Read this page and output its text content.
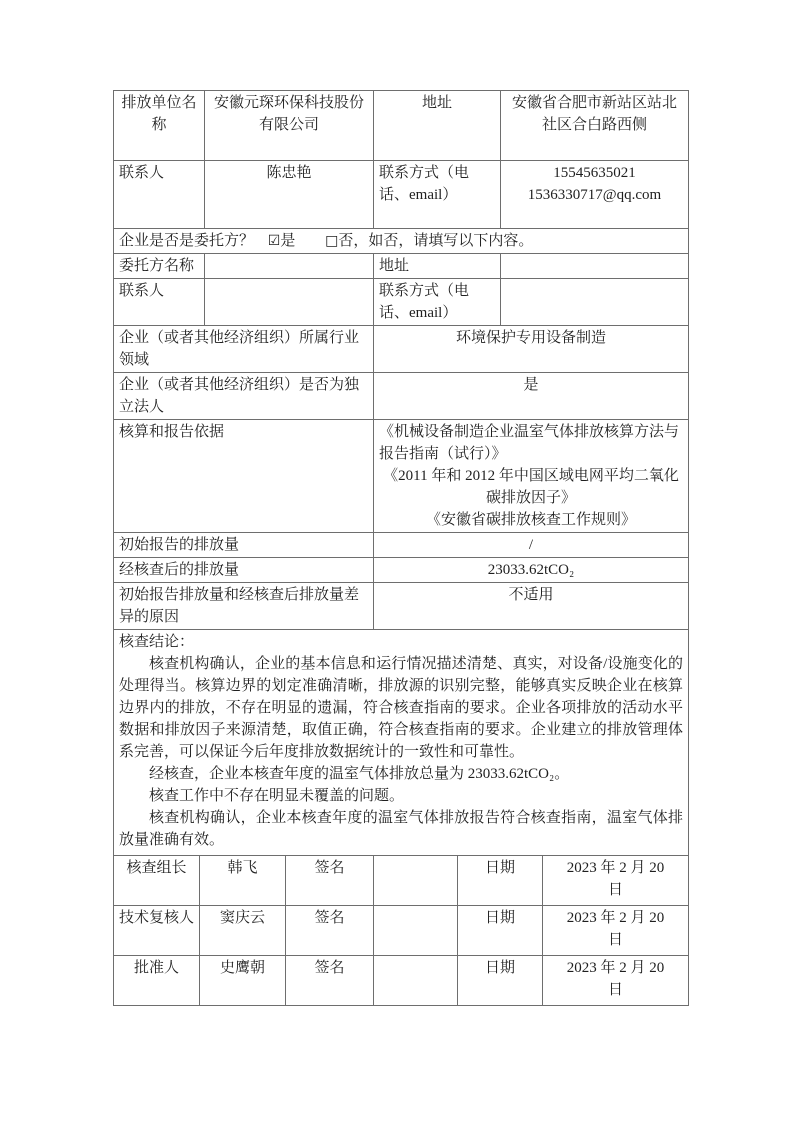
排放单位名称	安徽元琛环保科技股份有限公司	地址	安徽省合肥市新站区站北社区合白路西侧
联系人	陈忠艳	联系方式（电话、email）	15545635021
1536330717@qq.com

企业是否是委托方？ ☑是 □否，如否，请填写以下内容。			
委托方名称		地址	
联系人		联系方式（电话、email）	
企业（或者其他经济组织）所属行业领域		环境保护专用设备制造	
企业（或者其他经济组织）是否为独立法人		是	
核算和报告依据		《机械设备制造企业温室气体排放核算方法与报告指南（试行）》
《2011 年和 2012 年中国区域电网平均二氧化碳排放因子》
《安徽省碳排放核查工作规则》	

初始报告的排放量		/	
经核查后的排放量		23033.62tCO₂	
初始报告排放量和经核查后排放量差异的原因		不适用	

核查结论：

核查机构确认，企业的基本信息和运行情况描述清楚、真实，对设备/设施变化的处理得当。核算边界的划定准确清晰，排放源的识别完整，能够真实反映企业在核算边界内的排放，不存在明显的遗漏，符合核查指南的要求。企业各项排放的活动水平数据和排放因子来源清楚，取值正确，符合核查指南的要求。企业建立的排放管理体系完善，可以保证今后年度排放数据统计的一致性和可靠性。

经核查，企业本核查年度的温室气体排放总量为 23033.62tCO₂。

核查工作中不存在明显未覆盖的问题。

核查机构确认，企业本核查年度的温室气体排放报告符合核查指南，温室气体排放量准确有效。			

核查组长	韩飞	签名		日期	2023 年 2 月 20 日
技术复核人	窦庆云	签名		日期	2023 年 2 月 20 日
批准人	史鹰朝	签名		日期	2023 年 2 月 20 日
